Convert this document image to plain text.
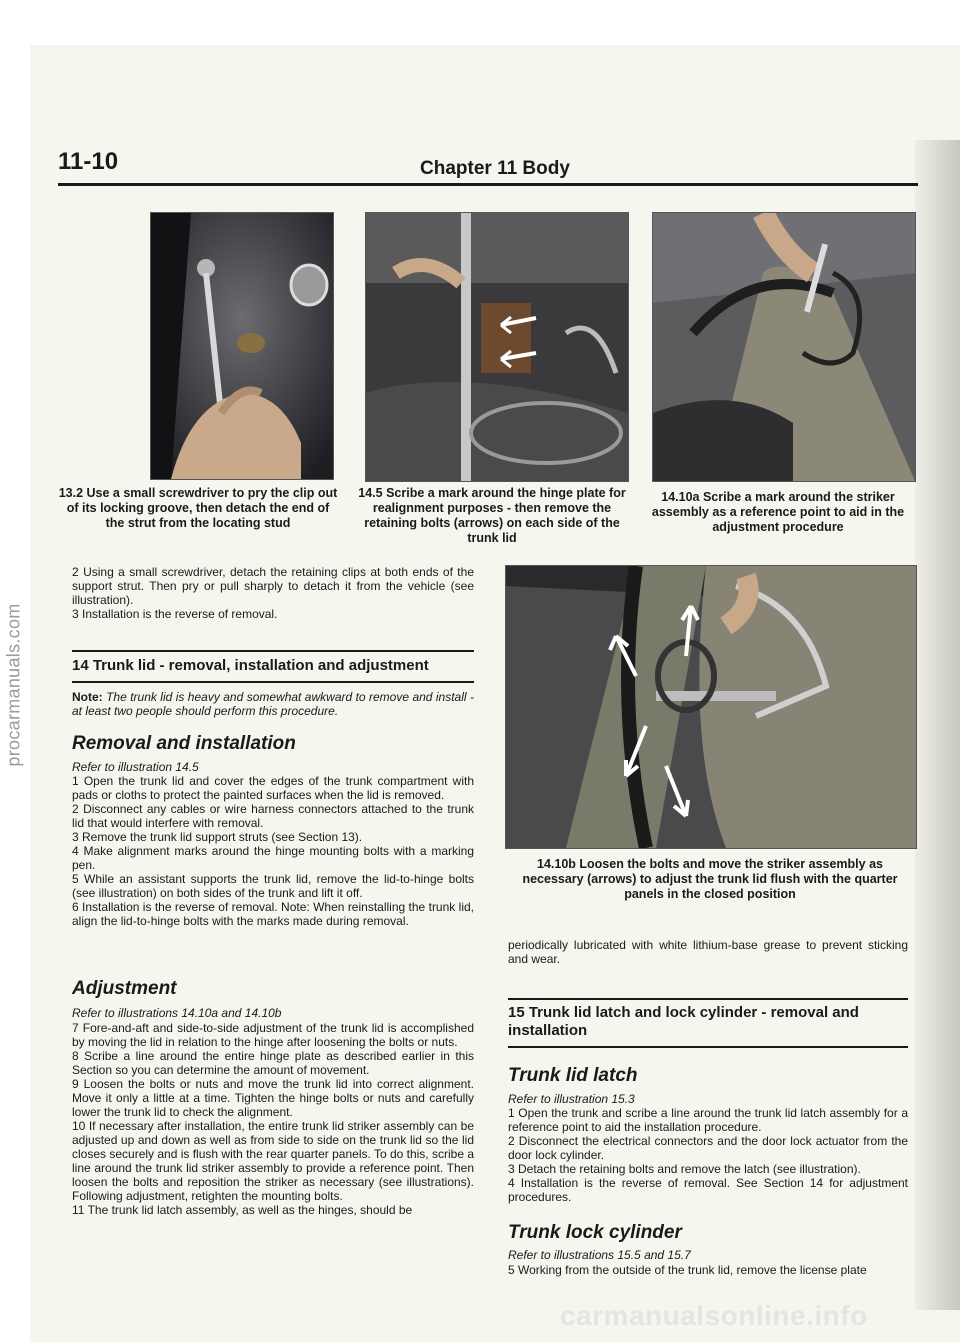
procarmanuals.com
11-10	Chapter 11 Body
13.2 Use a small screwdriver to pry the clip out of its locking groove, then detach the end of the strut from the locating stud
14.5 Scribe a mark around the hinge plate for realignment purposes - then remove the retaining bolts (arrows) on each side of the trunk lid
14.10a Scribe a mark around the striker assembly as a reference point to aid in the adjustment procedure

2 Using a small screwdriver, detach the retaining clips at both ends of the support strut. Then pry or pull sharply to detach it from the vehicle (see illustration).

3 Installation is the reverse of removal.

14 Trunk lid - removal, installation and adjustment

Note: The trunk lid is heavy and somewhat awkward to remove and install - at least two people should perform this procedure.

Removal and installation
Refer to illustration 14.5

1 Open the trunk lid and cover the edges of the trunk compartment with pads or cloths to protect the painted surfaces when the lid is removed.

2 Disconnect any cables or wire harness connectors attached to the trunk lid that would interfere with removal.

3 Remove the trunk lid support struts (see Section 13).

4 Make alignment marks around the hinge mounting bolts with a marking pen.

5 While an assistant supports the trunk lid, remove the lid-to-hinge bolts (see illustration) on both sides of the trunk and lift it off.

6 Installation is the reverse of removal. Note: When reinstalling the trunk lid, align the lid-to-hinge bolts with the marks made during removal.

Adjustment
Refer to illustrations 14.10a and 14.10b

7 Fore-and-aft and side-to-side adjustment of the trunk lid is accomplished by moving the lid in relation to the hinge after loosening the bolts or nuts.

8 Scribe a line around the entire hinge plate as described earlier in this Section so you can determine the amount of movement.

9 Loosen the bolts or nuts and move the trunk lid into correct alignment. Move it only a little at a time. Tighten the hinge bolts or nuts and carefully lower the trunk lid to check the alignment.

10 If necessary after installation, the entire trunk lid striker assembly can be adjusted up and down as well as from side to side on the trunk lid so the lid closes securely and is flush with the rear quarter panels. To do this, scribe a line around the trunk lid striker assembly to provide a reference point. Then loosen the bolts and reposition the striker as necessary (see illustrations). Following adjustment, retighten the mounting bolts.

11 The trunk lid latch assembly, as well as the hinges, should be

14.10b Loosen the bolts and move the striker assembly as necessary (arrows) to adjust the trunk lid flush with the quarter panels in the closed position

periodically lubricated with white lithium-base grease to prevent sticking and wear.

15 Trunk lid latch and lock cylinder - removal and installation
Trunk lid latch
Refer to illustration 15.3

1 Open the trunk and scribe a line around the trunk lid latch assembly for a reference point to aid the installation procedure.

2 Disconnect the electrical connectors and the door lock actuator from the door lock cylinder.

3 Detach the retaining bolts and remove the latch (see illustration).

4 Installation is the reverse of removal. See Section 14 for adjustment procedures.

Trunk lock cylinder
Refer to illustrations 15.5 and 15.7

5 Working from the outside of the trunk lid, remove the license plate

carmanualsonline.info
